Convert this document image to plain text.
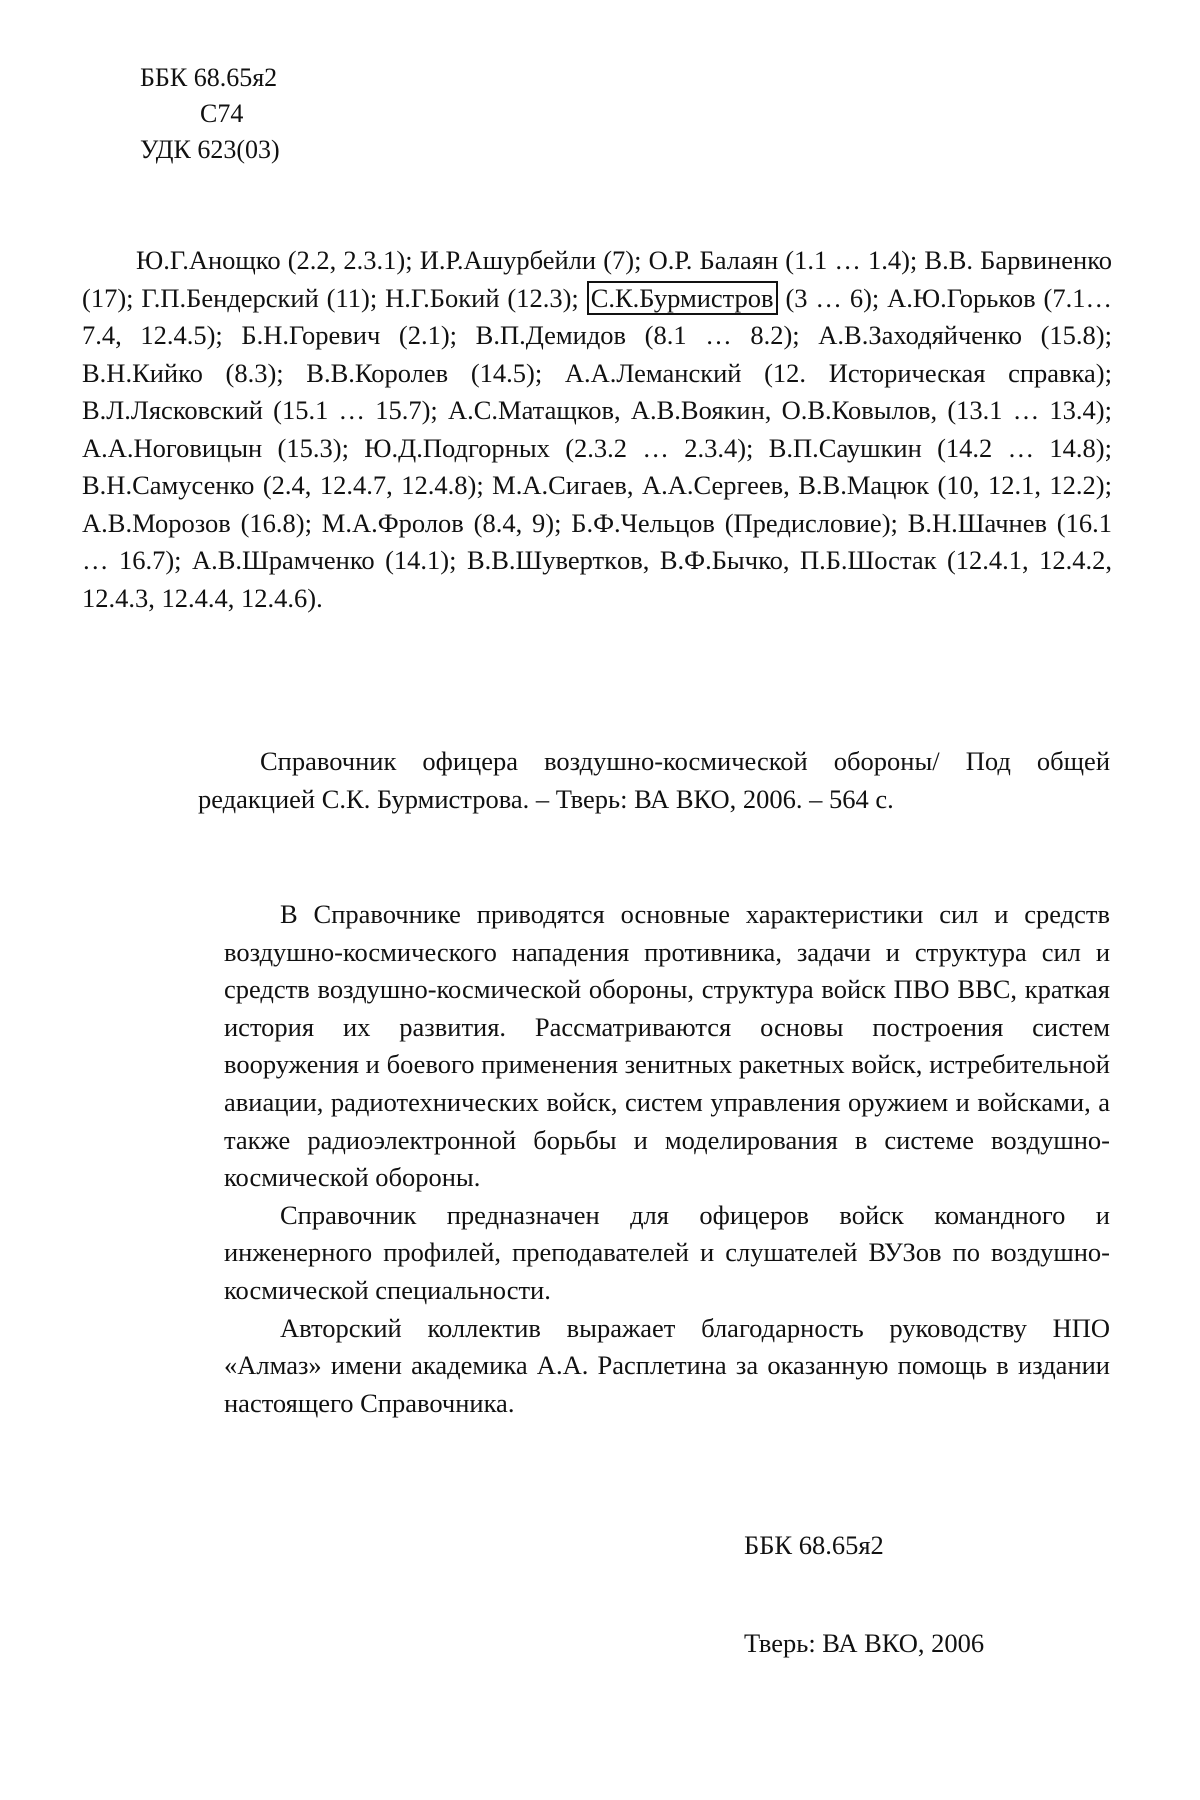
ББК 68.65я2
С74
УДК 623(03)
Ю.Г.Анощко (2.2, 2.3.1); И.Р.Ашурбейли (7); О.Р. Балаян (1.1 … 1.4); В.В. Барвиненко (17); Г.П.Бендерский (11); Н.Г.Бокий (12.3); С.К.Бурмистров (3 … 6); А.Ю.Горьков (7.1…7.4, 12.4.5); Б.Н.Горевич (2.1); В.П.Демидов (8.1 … 8.2); А.В.Заходяйченко (15.8); В.Н.Кийко (8.3); В.В.Королев (14.5); А.А.Леманский (12. Историческая справка); В.Л.Лясковский (15.1 … 15.7); А.С.Матащков, А.В.Воякин, О.В.Ковылов, (13.1 … 13.4); А.А.Ноговицын (15.3); Ю.Д.Подгорных (2.3.2 … 2.3.4); В.П.Саушкин (14.2 … 14.8); В.Н.Самусенко (2.4, 12.4.7, 12.4.8); М.А.Сигаев, А.А.Сергеев, В.В.Мацюк (10, 12.1, 12.2); А.В.Морозов (16.8); М.А.Фролов (8.4, 9); Б.Ф.Чельцов (Предисловие); В.Н.Шачнев (16.1 … 16.7); А.В.Шрамченко (14.1); В.В.Шуверткoв, В.Ф.Бычко, П.Б.Шостак (12.4.1, 12.4.2, 12.4.3, 12.4.4, 12.4.6).
Справочник офицера воздушно-космической обороны/ Под общей редакцией С.К. Бурмистрова. – Тверь: ВА ВКО, 2006. – 564 с.

В Справочнике приводятся основные характеристики сил и средств воздушно-космического нападения противника, задачи и структура сил и средств воздушно-космической обороны, структура войск ПВО ВВС, краткая история их развития. Рассматриваются основы построения систем вооружения и боевого применения зенитных ракетных войск, истребительной авиации, радиотехнических войск, систем управления оружием и войсками, а также радиоэлектронной борьбы и моделирования в системе воздушно-космической обороны.

Справочник предназначен для офицеров войск командного и инженерного профилей, преподавателей и слушателей ВУЗов по воздушно-космической специальности.

Авторский коллектив выражает благодарность руководству НПО «Алмаз» имени академика А.А. Расплетина за оказанную помощь в издании настоящего Справочника.

ББК 68.65я2
Тверь: ВА ВКО, 2006
